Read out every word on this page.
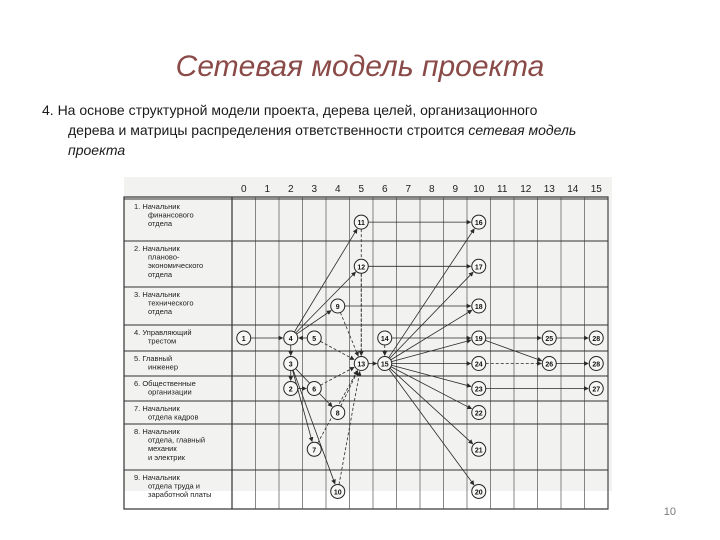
Сетевая модель проекта
4. На основе структурной модели проекта, дерева целей, организационного
дерева и матрицы распределения ответственности строится сетевая модель
проекта
0 1 2 3 4 5 6 7 8 9 10 11 12 13 14 15
1. Начальник
финансового
отдела
2. Начальник
планово-
экономического
отдела
3. Начальник
технического
отдела
4. Управляющий
трестом
5. Главный
инженер
6. Общественные
организации
7. Начальник
отдела кадров
8. Начальник
отдела, главный
механик
и электрик
9. Начальник
отдела труда и
заработной платы
1	4	5
3
2	6
11
12
9
14
13 15
8
7
10
16
17
18
19
24
23
22
21
20
25
26
28
28
27
10
